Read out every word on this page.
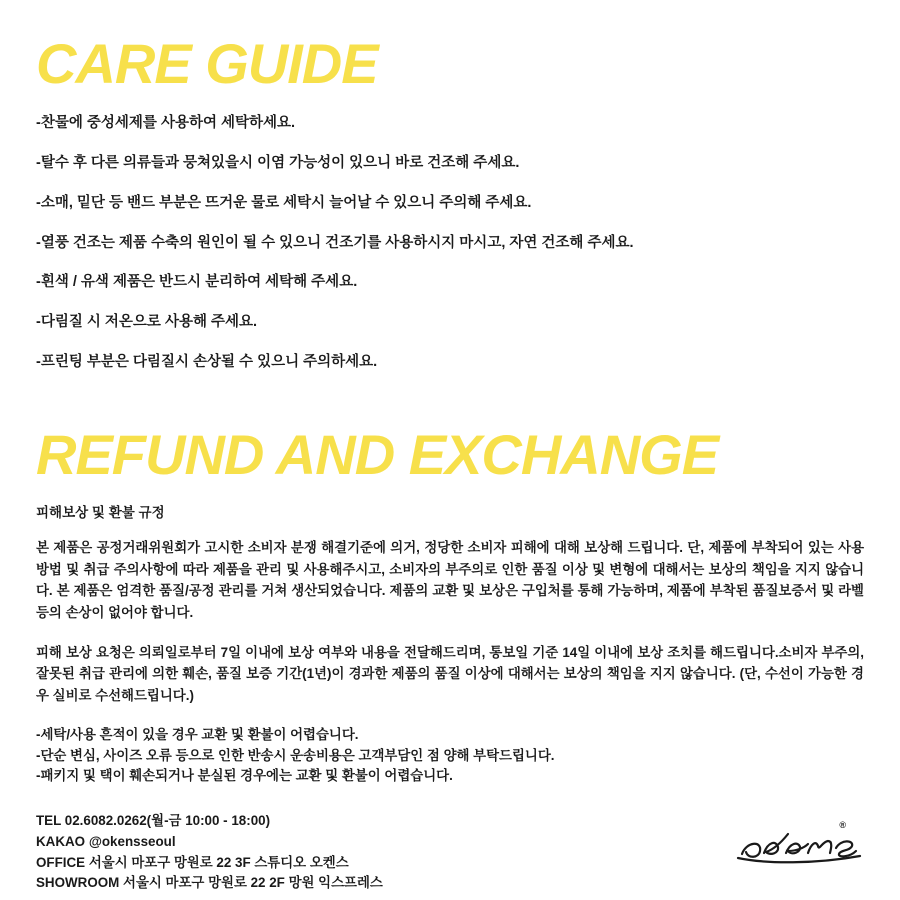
CARE GUIDE
-찬물에 중성세제를 사용하여 세탁하세요.
-탈수 후 다른 의류들과 뭉쳐있을시 이염 가능성이 있으니 바로 건조해 주세요.
-소매, 밑단 등 밴드 부분은 뜨거운 물로 세탁시 늘어날 수 있으니 주의해 주세요.
-열풍 건조는 제품 수축의 원인이 될 수 있으니 건조기를 사용하시지 마시고, 자연 건조해 주세요.
-흰색 / 유색 제품은 반드시 분리하여 세탁해 주세요.
-다림질 시 저온으로 사용해 주세요.
-프린팅 부분은 다림질시 손상될 수 있으니 주의하세요.
REFUND AND EXCHANGE

피해보상 및 환불 규정

본 제품은 공정거래위원회가 고시한 소비자 분쟁 해결기준에 의거, 정당한 소비자 피해에 대해 보상해 드립니다. 단, 제품에 부착되어 있는 사용 방법 및 취급 주의사항에 따라 제품을 관리 및 사용해주시고, 소비자의 부주의로 인한 품질 이상 및 변형에 대해서는 보상의 책임을 지지 않습니다. 본 제품은 엄격한 품질/공정 관리를 거쳐 생산되었습니다. 제품의 교환 및 보상은 구입처를 통해 가능하며, 제품에 부착된 품질보증서 및 라벨 등의 손상이 없어야 합니다.

피해 보상 요청은 의뢰일로부터 7일 이내에 보상 여부와 내용을 전달해드리며, 통보일 기준 14일 이내에 보상 조치를 해드립니다.소비자 부주의, 잘못된 취급 관리에 의한 훼손, 품질 보증 기간(1년)이 경과한 제품의 품질 이상에 대해서는 보상의 책임을 지지 않습니다. (단, 수선이 가능한 경우 실비로 수선해드립니다.)

-세탁/사용 흔적이 있을 경우 교환 및 환불이 어렵습니다.
-단순 변심, 사이즈 오류 등으로 인한 반송시 운송비용은 고객부담인 점 양해 부탁드립니다.
-패키지 및 택이 훼손되거나 분실된 경우에는 교환 및 환불이 어렵습니다.
TEL 02.6082.0262(월-금 10:00 - 18:00)
KAKAO @okensseoul
OFFICE 서울시 마포구 망원로 22 3F 스튜디오 오켄스
SHOWROOM 서울시 마포구 망원로 22 2F 망원 익스프레스
®
